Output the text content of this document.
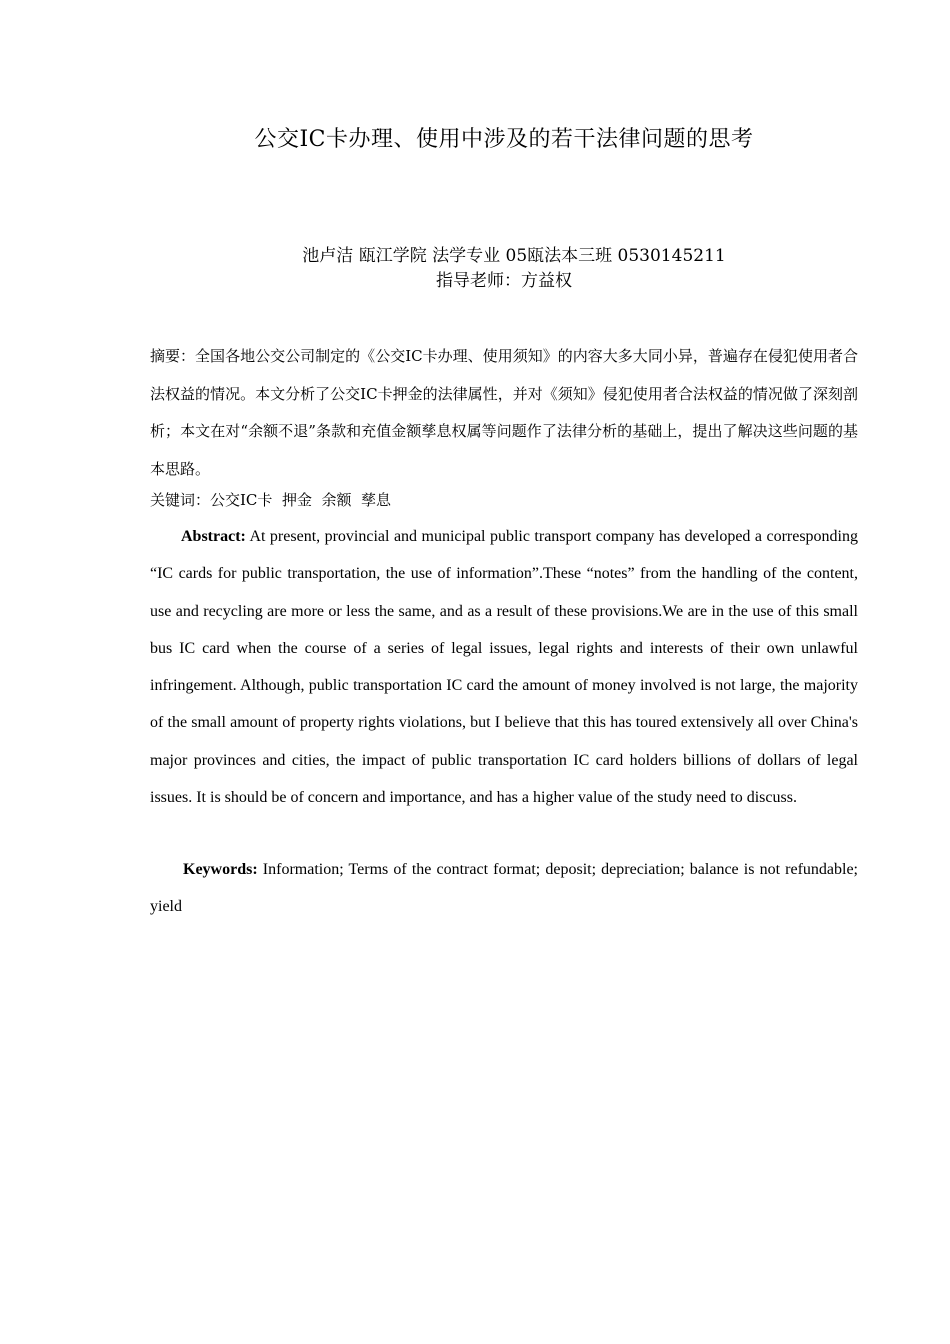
公交IC卡办理、使用中涉及的若干法律问题的思考
池卢洁 瓯江学院 法学专业 05瓯法本三班 0530145211
指导老师：方益权

摘要：全国各地公交公司制定的《公交IC卡办理、使用须知》的内容大多大同小异，普遍存在侵犯使用者合法权益的情况。本文分析了公交IC卡押金的法律属性，并对《须知》侵犯使用者合法权益的情况做了深刻剖析；本文在对“余额不退”条款和充值金额孳息权属等问题作了法律分析的基础上，提出了解决这些问题的基本思路。

关键词：公交IC卡  押金  余额  孳息

Abstract: At present, provincial and municipal public transport company has developed a corresponding “IC cards for public transportation, the use of information”.These “notes” from the handling of the content, use and recycling are more or less the same, and as a result of these provisions.We are in the use of this small bus IC card when the course of a series of legal issues, legal rights and interests of their own unlawful infringement. Although, public transportation IC card the amount of money involved is not large, the majority of the small amount of property rights violations, but I believe that this has toured extensively all over China's major provinces and cities, the impact of public transportation IC card holders billions of dollars of legal issues. It is should be of concern and importance, and has a higher value of the study need to discuss.

Keywords: Information; Terms of the contract format; deposit; depreciation; balance is not refundable; yield
